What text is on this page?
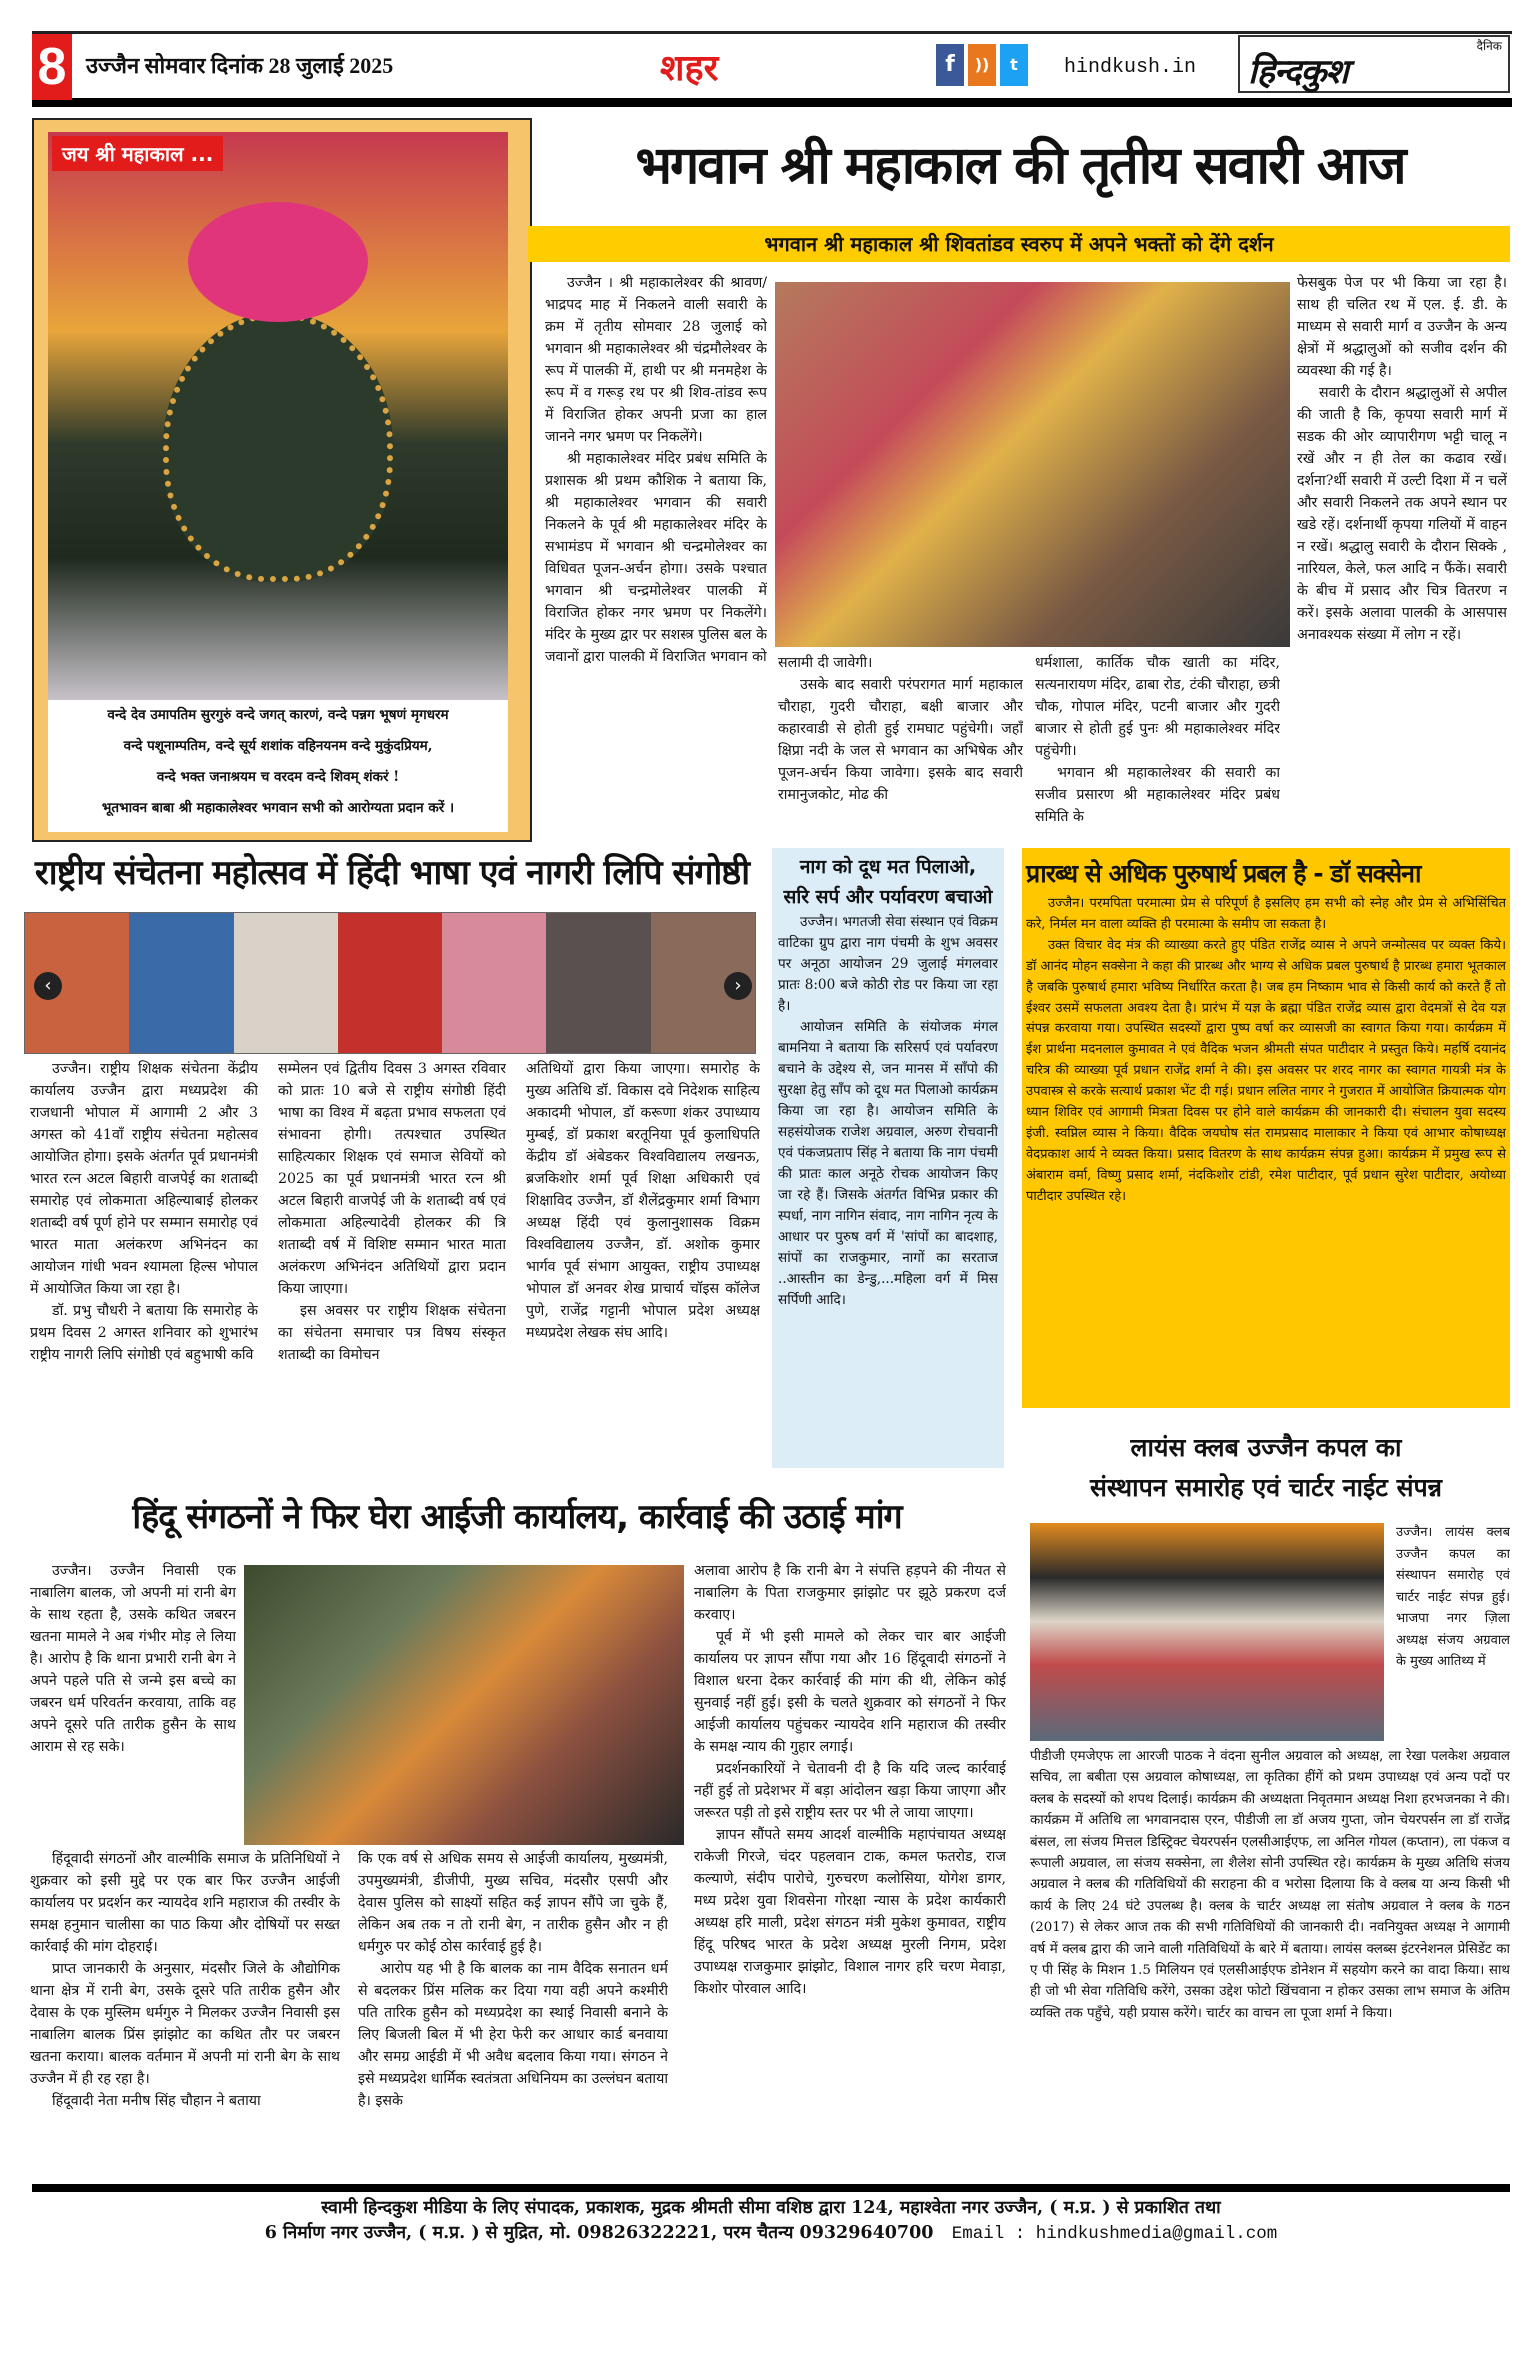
8 उज्जैन सोमवार दिनांक 28 जुलाई 2025	शहर	f	))	t	hindkush.in
दैनिक
हिन्दकुश
जय श्री महाकाल ...
वन्दे देव उमापतिम सुरगुरुं वन्दे जगत् कारणं, वन्दे पन्नग भूषणं मृगधरम
वन्दे पशूनाम्पतिम, वन्दे सूर्य शशांक वहिनयनम वन्दे मुकुंदप्रियम,
वन्दे भक्त जनाश्रयम च वरदम वन्दे शिवम् शंकरं !
भूतभावन बाबा श्री महाकालेश्वर भगवान सभी को आरोग्यता प्रदान करें ।
भगवान श्री महाकाल की तृतीय सवारी आज
भगवान श्री महाकाल श्री शिवतांडव स्वरुप में अपने भक्तों को देंगे दर्शन

उज्जैन । श्री महाकालेश्वर की श्रावण/भाद्रपद माह में निकलने वाली सवारी के क्रम में तृतीय सोमवार 28 जुलाई को भगवान श्री महाकालेश्वर श्री चंद्रमौलेश्वर के रूप में पालकी में, हाथी पर श्री मनमहेश के रूप में व गरूड़ रथ पर श्री शिव-तांडव रूप में विराजित होकर अपनी प्रजा का हाल जानने नगर भ्रमण पर निकलेंगे।

श्री महाकालेश्वर मंदिर प्रबंध समिति के प्रशासक श्री प्रथम कौशिक ने बताया कि, श्री महाकालेश्वर भगवान की सवारी निकलने के पूर्व श्री महाकालेश्वर मंदिर के सभामंडप में भगवान श्री चन्द्रमोलेश्वर का विधिवत पूजन-अर्चन होगा। उसके पश्चात भगवान श्री चन्द्रमोलेश्वर पालकी में विराजित होकर नगर भ्रमण पर निकलेंगे। मंदिर के मुख्य द्वार पर सशस्त्र पुलिस बल के जवानों द्वारा पालकी में विराजित भगवान को सलामी दी जावेगी।

उसके बाद सवारी परंपरागत मार्ग महाकाल चौराहा, गुदरी चौराहा, बक्षी बाजार और कहारवाडी से होती हुई रामघाट पहुंचेगी। जहॉं क्षिप्रा नदी के जल से भगवान का अभिषेक और पूजन-अर्चन किया जावेगा। इसके बाद सवारी रामानुजकोट, मोढ की

धर्मशाला, कार्तिक चौक खाती का मंदिर, सत्यनारायण मंदिर, ढाबा रोड, टंकी चौराहा, छत्री चौक, गोपाल मंदिर, पटनी बाजार और गुदरी बाजार से होती हुई पुनः श्री महाकालेश्वर मंदिर पहुंचेगी।

भगवान श्री महाकालेश्वर की सवारी का सजीव प्रसारण श्री महाकालेश्वर मंदिर प्रबंध समिति के

फेसबुक पेज पर भी किया जा रहा है। साथ ही चलित रथ में एल. ई. डी. के माध्यम से सवारी मार्ग व उज्जैन के अन्य क्षेत्रों में श्रद्धालुओं को सजीव दर्शन की व्यवस्था की गई है।

सवारी के दौरान श्रद्धालुओं से अपील की जाती है कि, कृपया सवारी मार्ग में सडक की ओर व्यापारीगण भट्टी चालू न रखें और न ही तेल का कढाव रखें। दर्शना?र्थी सवारी में उल्टी दिशा में न चलें और सवारी निकलने तक अपने स्थान पर खडे रहें। दर्शनार्थी कृपया गलियों में वाहन न रखें। श्रद्धालु सवारी के दौरान सिक्के , नारियल, केले, फल आदि न फैंकें। सवारी के बीच में प्रसाद और चित्र वितरण न करें। इसके अलावा पालकी के आसपास अनावश्यक संख्या में लोग न रहें।

राष्ट्रीय संचेतना महोत्सव में हिंदी भाषा एवं नागरी लिपि संगोष्ठी
‹	›

उज्जैन। राष्ट्रीय शिक्षक संचेतना केंद्रीय कार्यालय उज्जैन द्वारा मध्यप्रदेश की राजधानी भोपाल में आगामी 2 और 3 अगस्त को 41वॉं राष्ट्रीय संचेतना महोत्सव आयोजित होगा। इसके अंतर्गत पूर्व प्रधानमंत्री भारत रत्न अटल बिहारी वाजपेई का शताब्दी समारोह एवं लोकमाता अहिल्याबाई होलकर शताब्दी वर्ष पूर्ण होने पर सम्मान समारोह एवं भारत माता अलंकरण अभिनंदन का आयोजन गांधी भवन श्यामला हिल्स भोपाल में आयोजित किया जा रहा है।

डॉ. प्रभु चौधरी ने बताया कि समारोह के प्रथम दिवस 2 अगस्त शनिवार को शुभारंभ राष्ट्रीय नागरी लिपि संगोष्ठी एवं बहुभाषी कवि

सम्मेलन एवं द्वितीय दिवस 3 अगस्त रविवार को प्रातः 10 बजे से राष्ट्रीय संगोष्ठी हिंदी भाषा का विश्व में बढ़ता प्रभाव सफलता एवं संभावना होगी। तत्पश्चात उपस्थित साहित्यकार शिक्षक एवं समाज सेवियों को 2025 का पूर्व प्रधानमंत्री भारत रत्न श्री अटल बिहारी वाजपेई जी के शताब्दी वर्ष एवं लोकमाता अहिल्यादेवी होलकर की त्रि शताब्दी वर्ष में विशिष्ट सम्मान भारत माता अलंकरण अभिनंदन अतिथियों द्वारा प्रदान किया जाएगा।

इस अवसर पर राष्ट्रीय शिक्षक संचेतना का संचेतना समाचार पत्र विषय संस्कृत शताब्दी का विमोचन

अतिथियों द्वारा किया जाएगा। समारोह के मुख्य अतिथि डॉ. विकास दवे निदेशक साहित्य अकादमी भोपाल, डॉ करूणा शंकर उपाध्याय मुम्बई, डॉ प्रकाश बरतूनिया पूर्व कुलाधिपति केंद्रीय डॉ अंबेडकर विश्वविद्यालय लखनऊ, ब्रजकिशोर शर्मा पूर्व शिक्षा अधिकारी एवं शिक्षाविद उज्जैन, डॉ शैलेंद्रकुमार शर्मा विभाग अध्यक्ष हिंदी एवं कुलानुशासक विक्रम विश्वविद्यालय उज्जैन, डॉ. अशोक कुमार भार्गव पूर्व संभाग आयुक्त, राष्ट्रीय उपाध्यक्ष भोपाल डॉ अनवर शेख प्राचार्य चॉइस कॉलेज पुणे, राजेंद्र गट्टानी भोपाल प्रदेश अध्यक्ष मध्यप्रदेश लेखक संघ आदि।

नाग को दूध मत पिलाओ,
सरि सर्प और पर्यावरण बचाओ

उज्जैन। भगतजी सेवा संस्थान एवं विक्रम वाटिका ग्रुप द्वारा नाग पंचमी के शुभ अवसर पर अनूठा आयोजन 29 जुलाई मंगलवार प्रातः 8:00 बजे कोठी रोड पर किया जा रहा है।

आयोजन समिति के संयोजक मंगल बामनिया ने बताया कि सरिसर्प एवं पर्यावरण बचाने के उद्देश्य से, जन मानस में साँपो की सुरक्षा हेतु साँप को दूध मत पिलाओ कार्यक्रम किया जा रहा है। आयोजन समिति के सहसंयोजक राजेश अग्रवाल, अरुण रोचवानी एवं पंकजप्रताप सिंह ने बताया कि नाग पंचमी की प्रातः काल अनूठे रोचक आयोजन किए जा रहे हैं। जिसके अंतर्गत विभिन्न प्रकार की स्पर्धा, नाग नागिन संवाद, नाग नागिन नृत्य के आधार पर पुरुष वर्ग में 'सांपों का बादशाह, सांपों का राजकुमार, नागों का सरताज ..आस्तीन का डेन्डु,...महिला वर्ग में मिस सर्पिणी आदि।

प्रारब्ध से अधिक पुरुषार्थ प्रबल है - डॉ सक्सेना

उज्जैन। परमपिता परमात्मा प्रेम से परिपूर्ण है इसलिए हम सभी को स्नेह और प्रेम से अभिसिंचित करे, निर्मल मन वाला व्यक्ति ही परमात्मा के समीप जा सकता है।

उक्त विचार वेद मंत्र की व्याख्या करते हुए पंडित राजेंद्र व्यास ने अपने जन्मोत्सव पर व्यक्त किये। डॉ आनंद मोहन सक्सेना ने कहा की प्रारब्ध और भाग्य से अधिक प्रबल पुरुषार्थ है प्रारब्ध हमारा भूतकाल है जबकि पुरुषार्थ हमारा भविष्य निर्धारित करता है। जब हम निष्काम भाव से किसी कार्य को करते हैं तो ईश्वर उसमें सफलता अवश्य देता है। प्रारंभ में यज्ञ के ब्रह्मा पंडित राजेंद्र व्यास द्वारा वेदमत्रों से देव यज्ञ संपन्न करवाया गया। उपस्थित सदस्यों द्वारा पुष्प वर्षा कर व्यासजी का स्वागत किया गया। कार्यक्रम में ईश प्रार्थना मदनलाल कुमावत ने एवं वैदिक भजन श्रीमती संपत पाटीदार ने प्रस्तुत किये। महर्षि दयानंद चरित्र की व्याख्या पूर्व प्रधान राजेंद्र शर्मा ने की। इस अवसर पर शरद नागर का स्वागत गायत्री मंत्र के उपवास्त्र से करके सत्यार्थ प्रकाश भेंट दी गई। प्रधान ललित नागर ने गुजरात में आयोजित क्रियात्मक योग ध्यान शिविर एवं आगामी मित्रता दिवस पर होने वाले कार्यक्रम की जानकारी दी। संचालन युवा सदस्य इंजी. स्वप्निल व्यास ने किया। वैदिक जयघोष संत रामप्रसाद मालाकार ने किया एवं आभार कोषाध्यक्ष वेदप्रकाश आर्य ने व्यक्त किया। प्रसाद वितरण के साथ कार्यक्रम संपन्न हुआ। कार्यक्रम में प्रमुख रूप से अंबाराम वर्मा, विष्णु प्रसाद शर्मा, नंदकिशोर टांडी, रमेश पाटीदार, पूर्व प्रधान सुरेश पाटीदार, अयोध्या पाटीदार उपस्थित रहे।

लायंस क्लब उज्जैन कपल का
संस्थापन समारोह एवं चार्टर नाईट संपन्न
उज्जैन। लायंस क्लब उज्जैन कपल का संस्थापन समारोह एवं चार्टर नाईट संपन्न हुई। भाजपा नगर ज़िला अध्यक्ष संजय अग्रवाल के मुख्य आतिथ्य में
पीडीजी एमजेएफ ला आरजी पाठक ने वंदना सुनील अग्रवाल को अध्यक्ष, ला रेखा पलकेश अग्रवाल सचिव, ला बबीता एस अग्रवाल कोषाध्यक्ष, ला कृतिका हींगें को प्रथम उपाध्यक्ष एवं अन्य पदों पर क्लब के सदस्यों को शपथ दिलाई। कार्यक्रम की अध्यक्षता निवृतमान अध्यक्ष निशा हरभजनका ने की। कार्यक्रम में अतिथि ला भगवानदास एरन, पीडीजी ला डॉ अजय गुप्ता, जोन चेयरपर्सन ला डॉ राजेंद्र बंसल, ला संजय मित्तल डिस्ट्रिक्ट चेयरपर्सन एलसीआईएफ, ला अनिल गोयल (कप्तान), ला पंकज व रूपाली अग्रवाल, ला संजय सक्सेना, ला शैलेश सोनी उपस्थित रहे। कार्यक्रम के मुख्य अतिथि संजय अग्रवाल ने क्लब की गतिविधियों की सराहना की व भरोसा दिलाया कि वे क्लब या अन्य किसी भी कार्य के लिए 24 घंटे उपलब्ध है। क्लब के चार्टर अध्यक्ष ला संतोष अग्रवाल ने क्लब के गठन (2017) से लेकर आज तक की सभी गतिविधियों की जानकारी दी। नवनियुक्त अध्यक्ष ने आगामी वर्ष में क्लब द्वारा की जाने वाली गतिविधियों के बारे में बताया। लायंस क्लब्स इंटरनेशनल प्रेसिडेंट का ए पी सिंह के मिशन 1.5 मिलियन एवं एलसीआईएफ डोनेशन में सहयोग करने का वादा किया। साथ ही जो भी सेवा गतिविधि करेंगे, उसका उद्देश फोटो खिंचवाना न होकर उसका लाभ समाज के अंतिम व्यक्ति तक पहुँचे, यही प्रयास करेंगे। चार्टर का वाचन ला पूजा शर्मा ने किया।
हिंदू संगठनों ने फिर घेरा आईजी कार्यालय, कार्रवाई की उठाई मांग

उज्जैन। उज्जैन निवासी एक नाबालिग बालक, जो अपनी मां रानी बेग के साथ रहता है, उसके कथित जबरन खतना मामले ने अब गंभीर मोड़ ले लिया है। आरोप है कि थाना प्रभारी रानी बेग ने अपने पहले पति से जन्मे इस बच्चे का जबरन धर्म परिवर्तन करवाया, ताकि वह अपने दूसरे पति तारीक हुसैन के साथ आराम से रह सके।

हिंदूवादी संगठनों और वाल्मीकि समाज के प्रतिनिधियों ने शुक्रवार को इसी मुद्दे पर एक बार फिर उज्जैन आईजी कार्यालय पर प्रदर्शन कर न्यायदेव शनि महाराज की तस्वीर के समक्ष हनुमान चालीसा का पाठ किया और दोषियों पर सख्त कार्रवाई की मांग दोहराई।

प्राप्त जानकारी के अनुसार, मंदसौर जिले के औद्योगिक थाना क्षेत्र में रानी बेग, उसके दूसरे पति तारीक हुसैन और देवास के एक मुस्लिम धर्मगुरु ने मिलकर उज्जैन निवासी इस नाबालिग बालक प्रिंस झांझोट का कथित तौर पर जबरन खतना कराया। बालक वर्तमान में अपनी मां रानी बेग के साथ उज्जैन में ही रह रहा है।

हिंदूवादी नेता मनीष सिंह चौहान ने बताया

कि एक वर्ष से अधिक समय से आईजी कार्यालय, मुख्यमंत्री, उपमुख्यमंत्री, डीजीपी, मुख्य सचिव, मंदसौर एसपी और देवास पुलिस को साक्ष्यों सहित कई ज्ञापन सौंपे जा चुके हैं, लेकिन अब तक न तो रानी बेग, न तारीक हुसैन और न ही धर्मगुरु पर कोई ठोस कार्रवाई हुई है।

आरोप यह भी है कि बालक का नाम वैदिक सनातन धर्म से बदलकर प्रिंस मलिक कर दिया गया वही अपने कश्मीरी पति तारिक हुसैन को मध्यप्रदेश का स्थाई निवासी बनाने के लिए बिजली बिल में भी हेरा फेरी कर आधार कार्ड बनवाया और समग्र आईडी में भी अवैध बदलाव किया गया। संगठन ने इसे मध्यप्रदेश धार्मिक स्वतंत्रता अधिनियम का उल्लंघन बताया है। इसके

अलावा आरोप है कि रानी बेग ने संपत्ति हड़पने की नीयत से नाबालिग के पिता राजकुमार झांझोट पर झूठे प्रकरण दर्ज करवाए।

पूर्व में भी इसी मामले को लेकर चार बार आईजी कार्यालय पर ज्ञापन सौंपा गया और 16 हिंदूवादी संगठनों ने विशाल धरना देकर कार्रवाई की मांग की थी, लेकिन कोई सुनवाई नहीं हुई। इसी के चलते शुक्रवार को संगठनों ने फिर आईजी कार्यालय पहुंचकर न्यायदेव शनि महाराज की तस्वीर के समक्ष न्याय की गुहार लगाई।

प्रदर्शनकारियों ने चेतावनी दी है कि यदि जल्द कार्रवाई नहीं हुई तो प्रदेशभर में बड़ा आंदोलन खड़ा किया जाएगा और जरूरत पड़ी तो इसे राष्ट्रीय स्तर पर भी ले जाया जाएगा।

ज्ञापन सौंपते समय आदर्श वाल्मीकि महापंचायत अध्यक्ष राकेजी गिरजे, चंदर पहलवान टाक, कमल फतरोड, राज कल्याणे, संदीप पारोचे, गुरुचरण कलोसिया, योगेश डागर, मध्य प्रदेश युवा शिवसेना गोरक्षा न्यास के प्रदेश कार्यकारी अध्यक्ष हरि माली, प्रदेश संगठन मंत्री मुकेश कुमावत, राष्ट्रीय हिंदू परिषद भारत के प्रदेश अध्यक्ष मुरली निगम, प्रदेश उपाध्यक्ष राजकुमार झांझोट, विशाल नागर हरि चरण मेवाड़ा, किशोर पोरवाल आदि।

स्वामी हिन्दकुश मीडिया के लिए संपादक, प्रकाशक, मुद्रक श्रीमती सीमा वशिष्ठ द्वारा 124, महाश्वेता नगर उज्जैन, ( म.प्र. ) से प्रकाशित तथा
6 निर्माण नगर उज्जैन, ( म.प्र. ) से मुद्रित, मो. 09826322221, परम चैतन्य 09329640700 Email : hindkushmedia@gmail.com
